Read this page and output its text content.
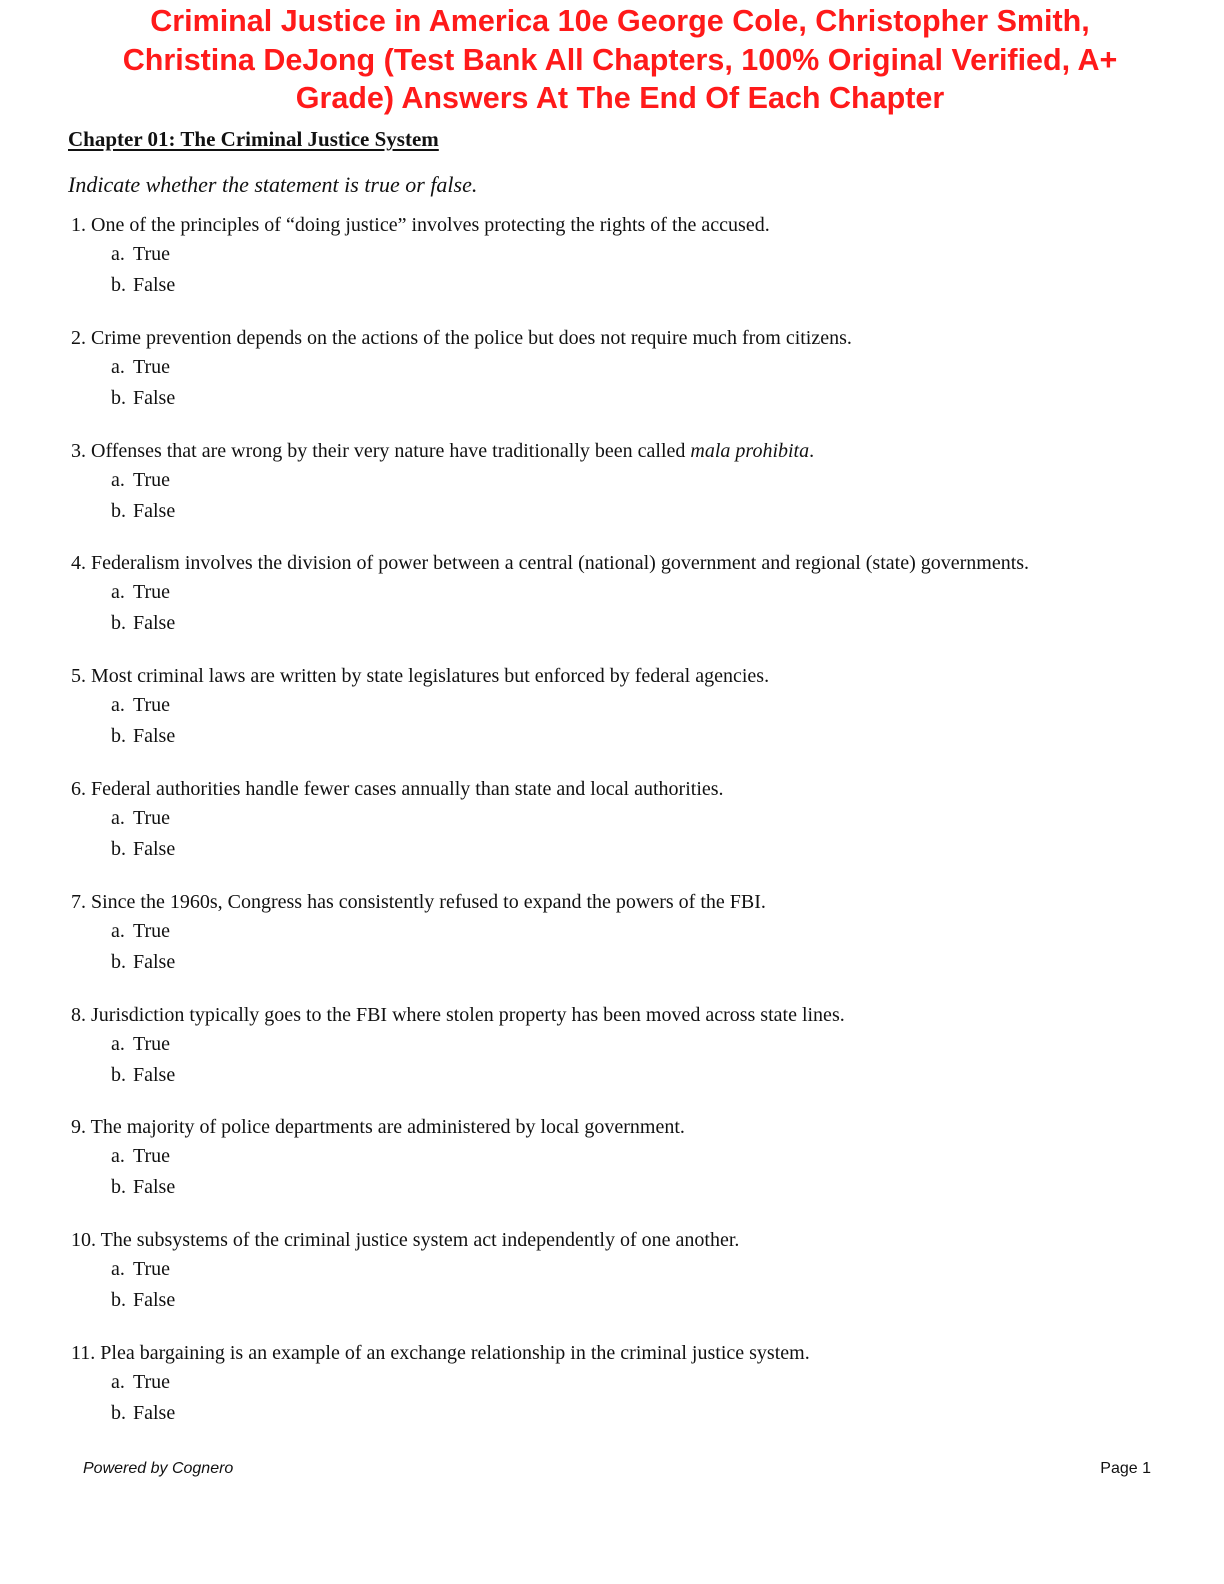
Criminal Justice in America 10e George Cole, Christopher Smith,
Christina DeJong (Test Bank All Chapters, 100% Original Verified, A+
Grade) Answers At The End Of Each Chapter
Chapter 01: The Criminal Justice System
Indicate whether the statement is true or false.
1. One of the principles of “doing justice” involves protecting the rights of the accused.
a. True
b. False
2. Crime prevention depends on the actions of the police but does not require much from citizens.
a. True
b. False
3. Offenses that are wrong by their very nature have traditionally been called mala prohibita.
a. True
b. False
4. Federalism involves the division of power between a central (national) government and regional (state) governments.
a. True
b. False
5. Most criminal laws are written by state legislatures but enforced by federal agencies.
a. True
b. False
6. Federal authorities handle fewer cases annually than state and local authorities.
a. True
b. False
7. Since the 1960s, Congress has consistently refused to expand the powers of the FBI.
a. True
b. False
8. Jurisdiction typically goes to the FBI where stolen property has been moved across state lines.
a. True
b. False
9. The majority of police departments are administered by local government.
a. True
b. False
10. The subsystems of the criminal justice system act independently of one another.
a. True
b. False
11. Plea bargaining is an example of an exchange relationship in the criminal justice system.
a. True
b. False
Powered by Cognero	Page 1
